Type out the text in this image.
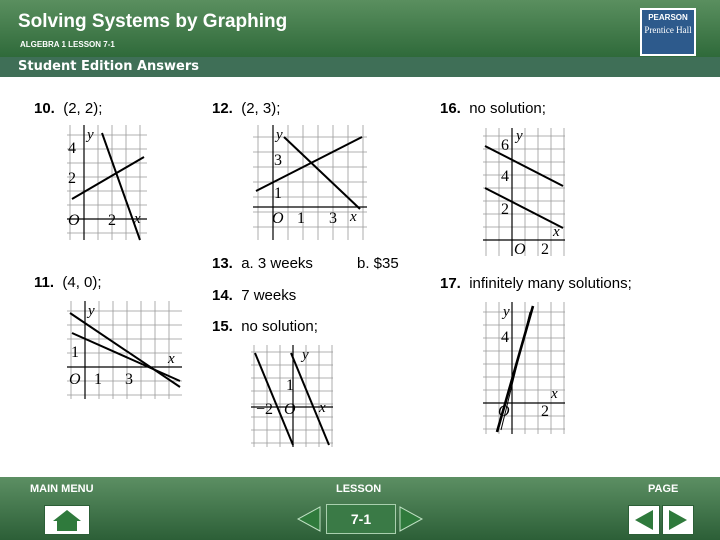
Solving Systems by Graphing
ALGEBRA 1 LESSON 7-1
PEARSON
Prentice Hall
Student Edition Answers
10. (2, 2);
y
x
O
4
2
2
11. (4, 0);
y
x
O
1
1 3
12. (2, 3);
y
x
O
3
1
1 3
13. a. 3 weeks	b. $35
14. 7 weeks
15. no solution;
y
x
O
1
−2
16. no solution;
y
x
O
6
4
2
2
17. infinitely many solutions;
y
x
O
4
2
MAIN MENU	LESSON	PAGE
7-1
